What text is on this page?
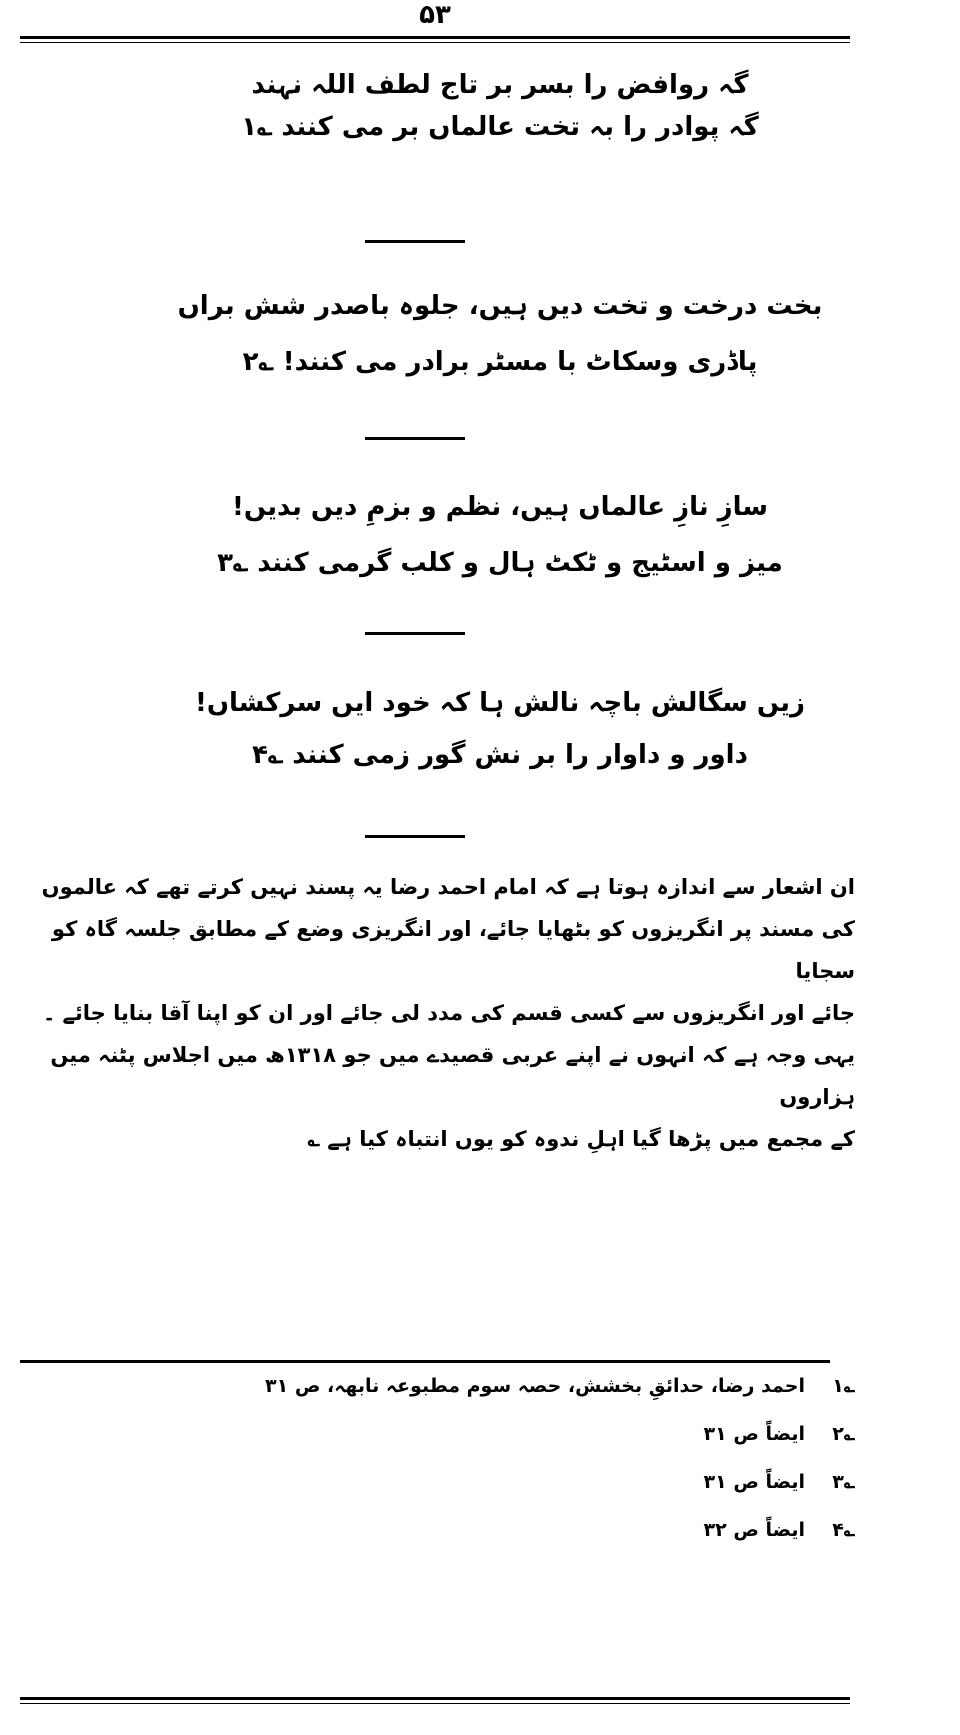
۵۳
گہ روافض را بسر بر تاج لطف اللہ نہند
گہ پوادر را بہ تخت عالماں بر می کنند ؎۱
بخت درخت و تخت دیں ہیں، جلوہ باصدر شش براں
پاڈری وسکاٹ با مسٹر برادر می کنند! ؎۲
سازِ نازِ عالماں ہیں، نظم و بزمِ دیں بدیں!
میز و اسٹیج و ٹکٹ ہال و کلب گرمی کنند ؎۳
زیں سگالش باچہ نالش ہا کہ خود ایں سرکشاں!
داور و داوار را بر نش گور زمی کنند ؎۴
ان اشعار سے اندازہ ہوتا ہے کہ امام احمد رضا یہ پسند نہیں کرتے تھے کہ عالموں
کی مسند پر انگریزوں کو بٹھایا جائے، اور انگریزی وضع کے مطابق جلسہ گاہ کو سجایا
جائے اور انگریزوں سے کسی قسم کی مدد لی جائے اور ان کو اپنا آقا بنایا جائے ۔
یہی وجہ ہے کہ انہوں نے اپنے عربی قصیدے میں جو ۱۳۱۸ھ میں اجلاس پٹنہ میں ہزاروں
کے مجمع میں پڑھا گیا اہلِ ندوہ کو یوں انتباہ کیا ہے ؎
؎۱احمد رضا، حدائقِ بخشش، حصہ سوم مطبوعہ نابھہ، ص ۳۱
؎۲ایضاً ص ۳۱
؎۳ایضاً ص ۳۱
؎۴ایضاً ص ۳۲
